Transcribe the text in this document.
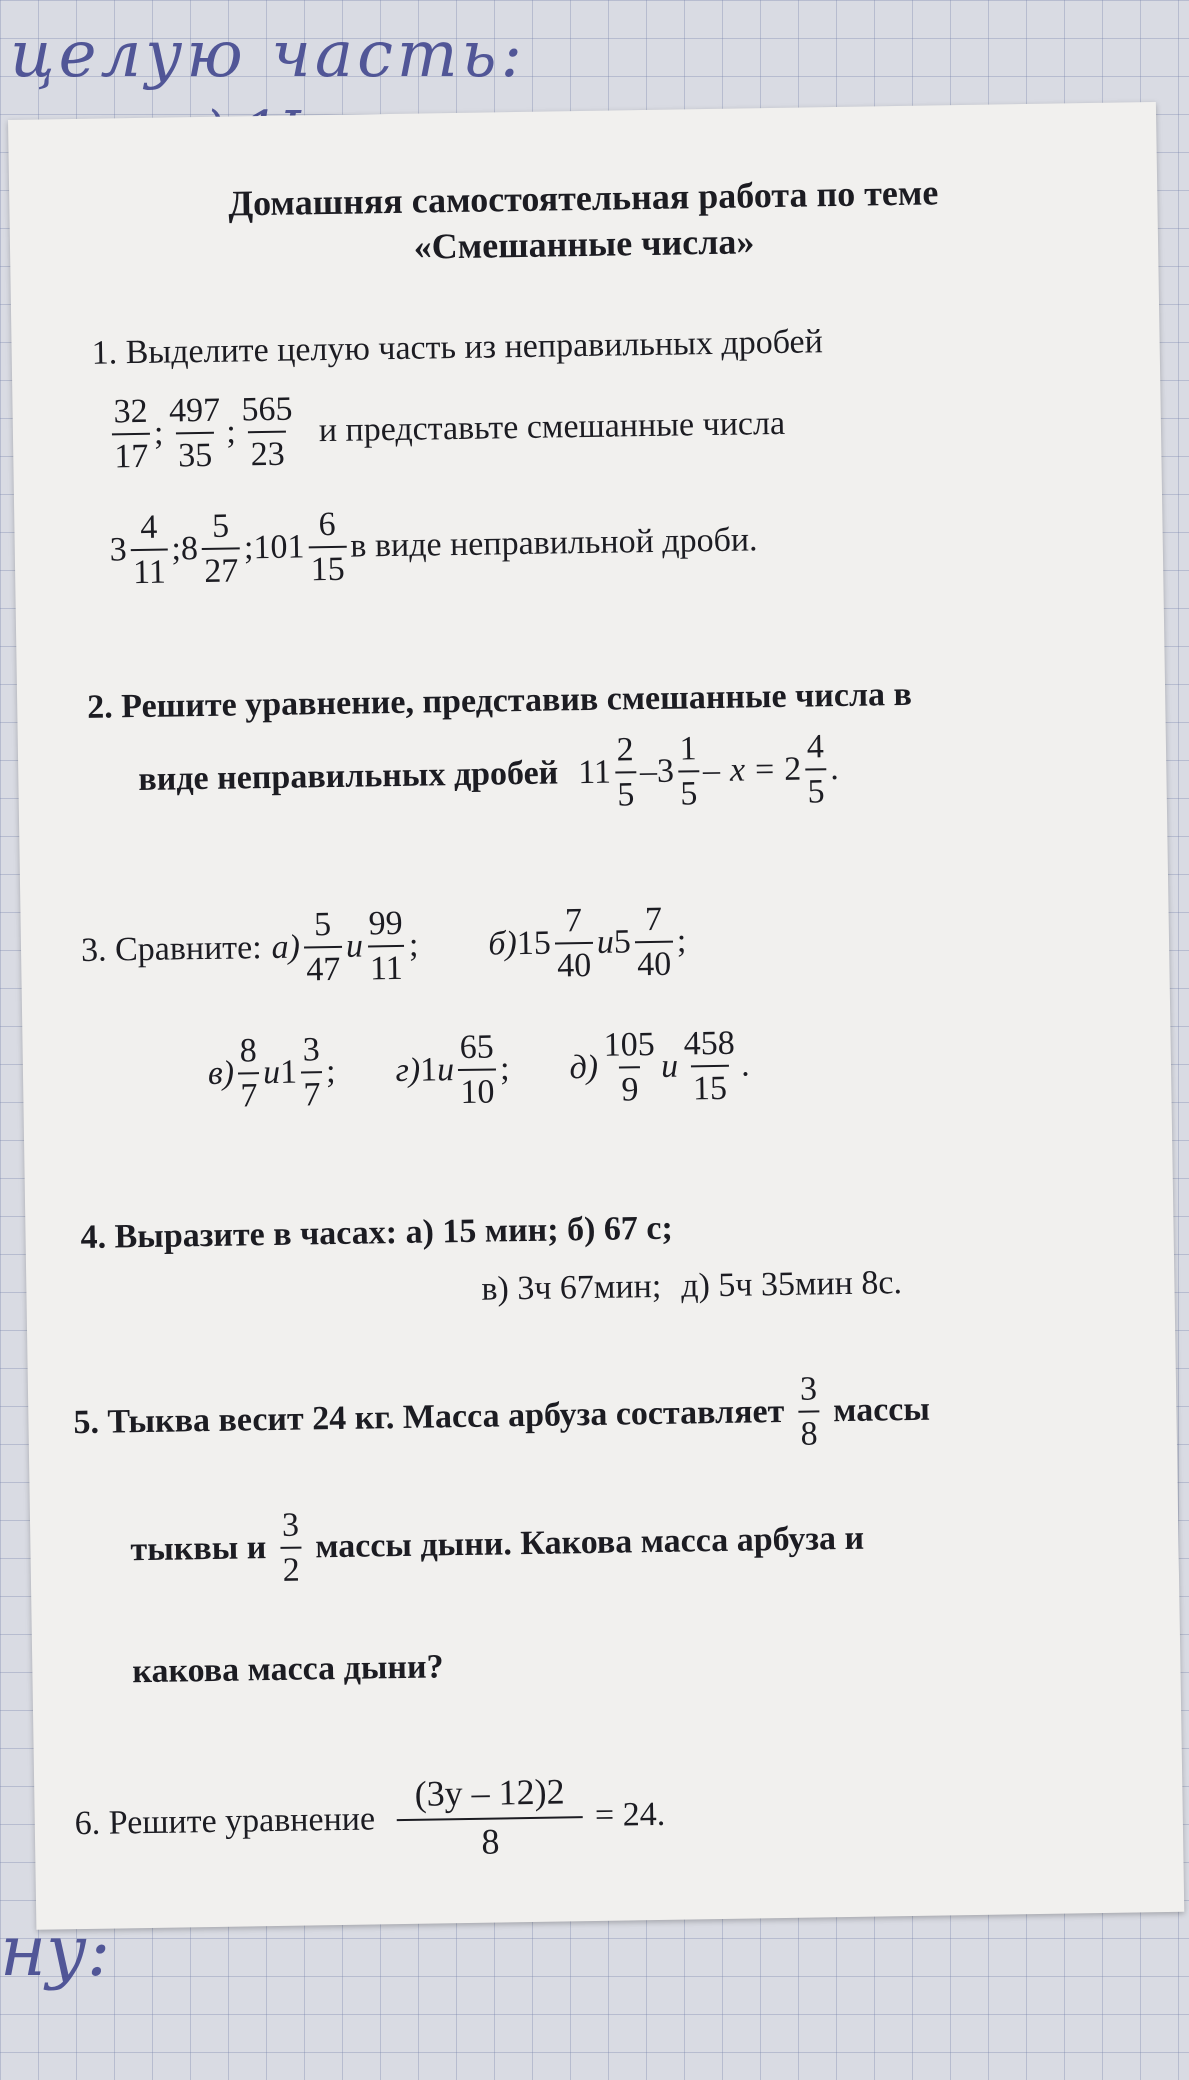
целую часть:
Домашняя самостоятельная работа по теме
«Смешанные числа»
1. Выделите целую часть из неправильных дробей
$\frac{32}{17}$ ; $\frac{497}{35}$ ; $\frac{565}{23}$ и представьте смешанные числа
$3 \frac{4}{11}$ ; $8 \frac{5}{27}$ ; $101 \frac{6}{15}$ в виде неправильной дроби.
2. Решите уравнение, представив смешанные числа в
виде неправильных дробей $11 \frac{2}{5} - 3 \frac{1}{5} - x = 2 \frac{4}{5}$ .
3. Сравните: $а) \frac{5}{47}$ и $\frac{99}{11}$ ; б) $15 \frac{7}{40}$ и $5 \frac{7}{40}$ ;
$в) \frac{8}{7}$ и $1 \frac{3}{7}$ ; г) 1 и $\frac{65}{10}$ ; $д) \frac{105}{9}$ и $\frac{458}{15}$ .
4. Выразите в часах: а) 15 мин; б) 67 с;
в) 3ч 67мин; д) 5ч 35мин 8с.
5. Тыква весит 24 кг. Масса арбуза составляет $\frac{3}{8}$ массы
тыквы и $\frac{3}{2}$ массы дыни. Какова масса арбуза и
какова масса дыни?
6. Решите уравнение $\frac{(3y - 12)2}{8} = 24$.
ну:
